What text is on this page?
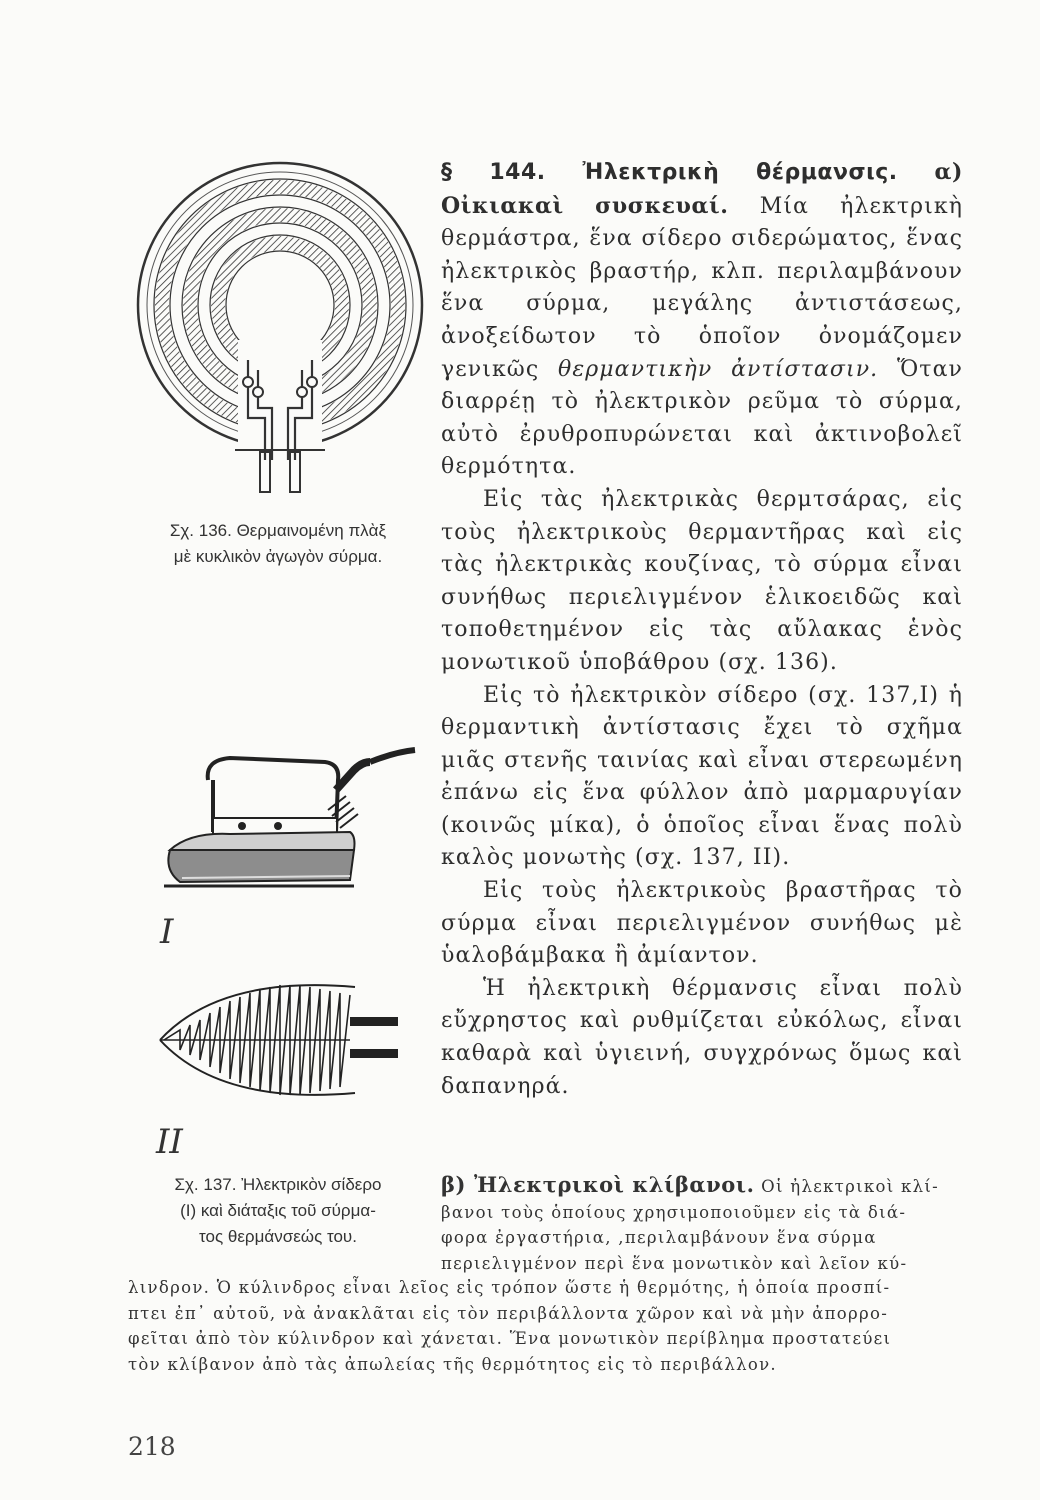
Σχ. 136. Θερμαινομένη πλὰξ
μὲ κυκλικὸν ἀγωγὸν σύρμα.
I
II
Σχ. 137. Ἠλεκτρικὸν σίδερο
(Ι) καὶ διάταξις τοῦ σύρμα-
τος θερμάνσεώς του.

§ 144. Ἠλεκτρικὴ θέρμανσις. α) Οἰκιακαὶ συσκευαί. Μία ἠλεκτρικὴ θερμάστρα, ἕνα σίδερο σιδερώματος, ἕνας ἠλεκτρικὸς βραστήρ, κλπ. περιλαμβάνουν ἕνα σύρμα, μεγάλης ἀντιστάσεως, ἀνοξείδωτον τὸ ὁποῖον ὀνομάζομεν γενικῶς θερμαντικὴν ἀντίστασιν. Ὅταν διαρρέῃ τὸ ἠλεκτρικὸν ρεῦμα τὸ σύρμα, αὐτὸ ἐρυθροπυρώνεται καὶ ἀκτινοβολεῖ θερμότητα.

Εἰς τὰς ἠλεκτρικὰς θερμτσάρας, εἰς τοὺς ἠλεκτρικοὺς θερμαντῆρας καὶ εἰς τὰς ἠλεκτρικὰς κουζίνας, τὸ σύρμα εἶναι συνήθως περιελιγμένον ἑλικοειδῶς καὶ τοποθετημένον εἰς τὰς αὔλακας ἑνὸς μονωτικοῦ ὑποβάθρου (σχ. 136).

Εἰς τὸ ἠλεκτρικὸν σίδερο (σχ. 137,Ι) ἡ θερμαντικὴ ἀντίστασις ἔχει τὸ σχῆμα μιᾶς στενῆς ταινίας καὶ εἶναι στερεωμένη ἐπάνω εἰς ἕνα φύλλον ἀπὸ μαρμαρυγίαν (κοινῶς μίκα), ὁ ὁποῖος εἶναι ἕνας πολὺ καλὸς μονωτὴς (σχ. 137, ΙΙ).

Εἰς τοὺς ἠλεκτρικοὺς βραστῆρας τὸ σύρμα εἶναι περιελιγμένον συνήθως μὲ ὑαλοβάμβακα ἢ ἀμίαντον.

Ἡ ἠλεκτρικὴ θέρμανσις εἶναι πολὺ εὔχρηστος καὶ ρυθμίζεται εὐκόλως, εἶναι καθαρὰ καὶ ὑγιεινή, συγχρόνως ὅμως καὶ δαπανηρά.

β) Ἠλεκτρικοὶ κλίβανοι. Οἱ ἠλεκτρικοὶ κλί-
βανοι τοὺς ὁποίους χρησιμοποιοῦμεν εἰς τὰ διά-
φορα ἐργαστήρια, ,περιλαμβάνουν ἕνα σύρμα
περιελιγμένον περὶ ἕνα μονωτικὸν καὶ λεῖον κύ-
λινδρον. Ὁ κύλινδρος εἶναι λεῖος εἰς τρόπον ὥστε ἡ θερμότης, ἡ ὁποία προσπί-
πτει ἐπ᾽ αὐτοῦ, νὰ ἀνακλᾶται εἰς τὸν περιβάλλοντα χῶρον καὶ νὰ μὴν ἀπορρο-
φεῖται ἀπὸ τὸν κύλινδρον καὶ χάνεται. Ἕνα μονωτικὸν περίβλημα προστατεύει
τὸν κλίβανον ἀπὸ τὰς ἀπωλείας τῆς θερμότητος εἰς τὸ περιβάλλον.
218
